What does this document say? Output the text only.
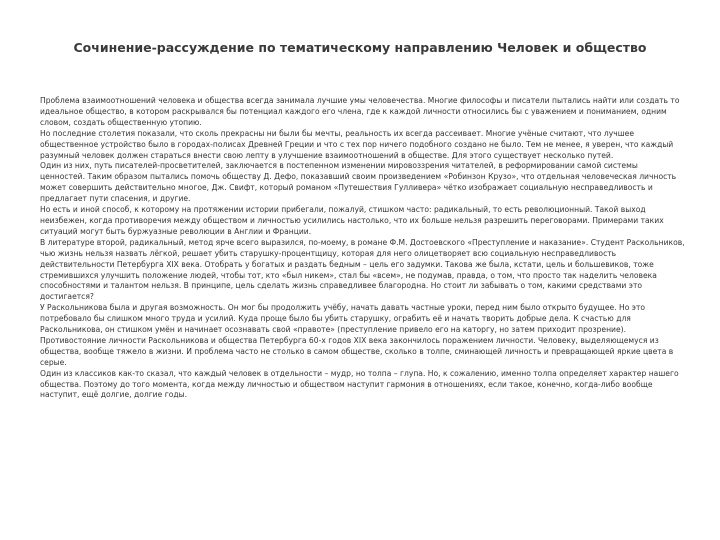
Сочинение-рассуждение по тематическому направлению Человек и общество

Проблема взаимоотношений человека и общества всегда занимала лучшие умы человечества. Многие философы и писатели пытались найти или создать то идеальное общество, в котором раскрывался бы потенциал каждого его члена, где к каждой личности относились бы с уважением и пониманием, одним словом, создать общественную утопию.

Но последние столетия показали, что сколь прекрасны ни были бы мечты, реальность их всегда рассеивает. Многие учёные считают, что лучшее общественное устройство было в городах-полисах Древней Греции и что с тех пор ничего подобного создано не было. Тем не менее, я уверен, что каждый разумный человек должен стараться внести свою лепту в улучшение взаимоотношений в обществе. Для этого существует несколько путей.

Один из них, путь писателей-просветителей, заключается в постепенном изменении мировоззрения читателей, в реформировании самой системы ценностей. Таким образом пытались помочь обществу Д. Дефо, показавший своим произведением «Робинзон Крузо», что отдельная человеческая личность может совершить действительно многое, Дж. Свифт, который романом «Путешествия Гулливера» чётко изображает социальную несправедливость и предлагает пути спасения, и другие.

Но есть и иной способ, к которому на протяжении истории прибегали, пожалуй, стишком часто: радикальный, то есть революционный. Такой выход неизбежен, когда противоречия между обществом и личностью усилились настолько, что их больше нельзя разрешить переговорами. Примерами таких ситуаций могут быть буржуазные революции в Англии и Франции.

В литературе второй, радикальный, метод ярче всего выразился, по-моему, в романе Ф.М. Достоевского «Преступление и наказание». Студент Раскольников, чью жизнь нельзя назвать лёгкой, решает убить старушку-процентщицу, которая для него олицетворяет всю социальную несправедливость действительности Петербурга XIX века. Отобрать у богатых и раздать бедным – цель его задумки. Такова же была, кстати, цель и большевиков, тоже стремившихся улучшить положение людей, чтобы тот, кто «был никем», стал бы «всем», не подумав, правда, о том, что просто так наделить человека способностями и талантом нельзя. В принципе, цель сделать жизнь справедливее благородна. Но стоит ли забывать о том, какими средствами это достигается?

У Раскольникова была и другая возможность. Он мог бы продолжить учёбу, начать давать частные уроки, перед ним было открыто будущее. Но это потребовало бы слишком много труда и усилий. Куда проще было бы убить старушку, ограбить её и начать творить добрые дела. К счастью для Раскольникова, он стишком умён и начинает осознавать свой «правоте» (преступление привело его на каторгу, но затем приходит прозрение).

Противостояние личности Раскольникова и общества Петербурга 60-х годов XIX века закончилось поражением личности. Человеку, выделяющемуся из общества, вообще тяжело в жизни. И проблема часто не столько в самом обществе, сколько в толпе, сминающей личность и превращающей яркие цвета в серые.

Один из классиков как-то сказал, что каждый человек в отдельности – мудр, но толпа – глупа. Но, к сожалению, именно толпа определяет характер нашего общества. Поэтому до того момента, когда между личностью и обществом наступит гармония в отношениях, если такое, конечно, когда-либо вообще наступит, ещё долгие, долгие годы.
